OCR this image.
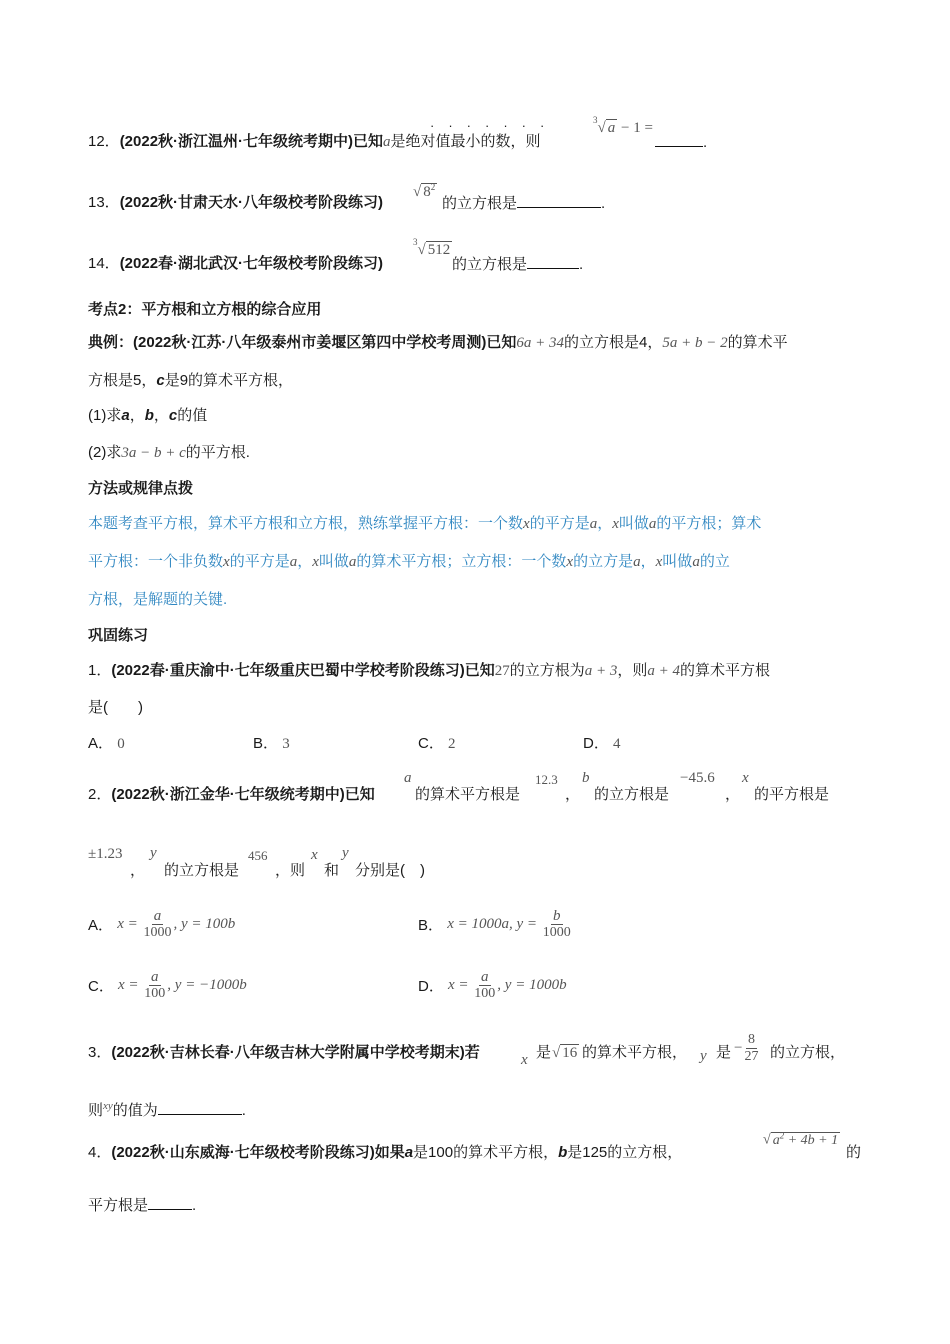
12．(2022秋·浙江温州·七年级统考期中)已知a是绝对值最小的数，则
·······	$^3$√ a − 1 =
.
13．(2022秋·甘肃天水·八年级校考阶段练习)
√ $8^2$
的立方根是	.
14．(2022春·湖北武汉·七年级校考阶段练习)
$^3$√ 512
的立方根是	.
考点2：平方根和立方根的综合应用
典例：(2022秋·江苏·八年级泰州市姜堰区第四中学校考周测)已知6a + 34的立方根是4，5a + b − 2的算术平
方根是5，c是9的算术平方根，
(1)求a，b，c的值
(2)求3a − b + c的平方根.
方法或规律点拨
本题考查平方根，算术平方根和立方根，熟练掌握平方根：一个数x的平方是a，x叫做a的平方根；算术
平方根：一个非负数x的平方是a，x叫做a的算术平方根；立方根：一个数x的立方是a，x叫做a的立
方根，是解题的关键.
巩固练习
1．(2022春·重庆渝中·七年级重庆巴蜀中学校考阶段练习)已知27的立方根为a + 3，则a + 4的算术平方根
是(　　)
A． 0	B． 3	C． 2	D． 4
2．(2022秋·浙江金华·七年级统考期中)已知
a
的算术平方根是
12.3
，
b
的立方根是
−45.6
，
x
的平方根是
±1.23
，
y
的立方根是
456
，则
x
和
y
分别是(　)
A． $x = \frac{a}{1000}$ , y = 100b	B． x = 1000a, $y = \frac{b}{1000}$
C． $x = \frac{a}{100}$ , y = −1000b	D． $x = \frac{a}{100}$ , y = 1000b
3．(2022秋·吉林长春·八年级吉林大学附属中学校考期末)若	x 是 √ 16 的算术平方根， y 是 − $\frac{8}{27}$ 的立方根，
则$^{xy}$的值为	.
4．(2022秋·山东威海·七年级校考阶段练习)如果a是100的算术平方根，b是125的立方根，
√ $a^2 + 4b + 1$
的
平方根是	.
